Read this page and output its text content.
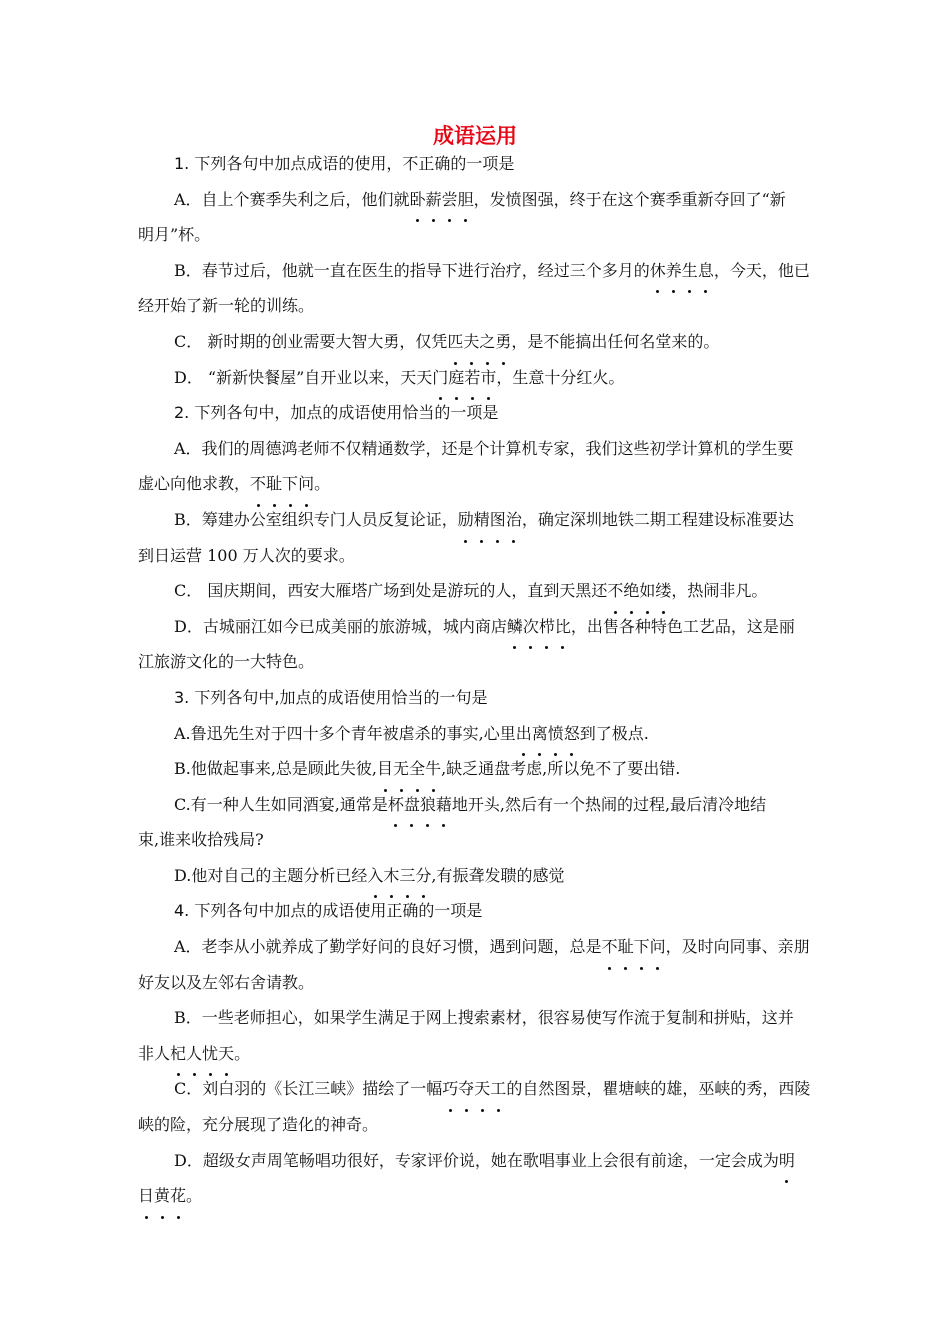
成语运用

1. 下列各句中加点成语的使用，不正确的一项是

A．自上个赛季失利之后，他们就卧薪尝胆，发愤图强，终于在这个赛季重新夺回了“新

明月”杯。

B．春节过后，他就一直在医生的指导下进行治疗，经过三个多月的休养生息，今天，他已

经开始了新一轮的训练。

C． 新时期的创业需要大智大勇，仅凭匹夫之勇，是不能搞出任何名堂来的。

D． “新新快餐屋”自开业以来，天天门庭若市，生意十分红火。

2. 下列各句中，加点的成语使用恰当的一项是

A．我们的周德鸿老师不仅精通数学，还是个计算机专家，我们这些初学计算机的学生要

虚心向他求教，不耻下问。

B．筹建办公室组织专门人员反复论证，励精图治，确定深圳地铁二期工程建设标准要达

到日运营 100 万人次的要求。

C． 国庆期间，西安大雁塔广场到处是游玩的人，直到天黑还不绝如缕，热闹非凡。

D．古城丽江如今已成美丽的旅游城，城内商店鳞次栉比，出售各种特色工艺品，这是丽

江旅游文化的一大特色。

3. 下列各句中,加点的成语使用恰当的一句是

A.鲁迅先生对于四十多个青年被虐杀的事实,心里出离愤怒到了极点.

B.他做起事来,总是顾此失彼,目无全牛,缺乏通盘考虑,所以免不了要出错.

C.有一种人生如同酒宴,通常是杯盘狼藉地开头,然后有一个热闹的过程,最后清冷地结

束,谁来收拾残局?

D.他对自己的主题分析已经入木三分,有振聋发聩的感觉

4. 下列各句中加点的成语使用正确的一项是

A．老李从小就养成了勤学好问的良好习惯，遇到问题，总是不耻下问，及时向同事、亲朋

好友以及左邻右舍请教。

B．一些老师担心，如果学生满足于网上搜索素材，很容易使写作流于复制和拼贴，这并

非人杞人忧天。

C．刘白羽的《长江三峡》描绘了一幅巧夺天工的自然图景，瞿塘峡的雄，巫峡的秀，西陵

峡的险，充分展现了造化的神奇。

D．超级女声周笔畅唱功很好，专家评价说，她在歌唱事业上会很有前途，一定会成为明

日黄花。
